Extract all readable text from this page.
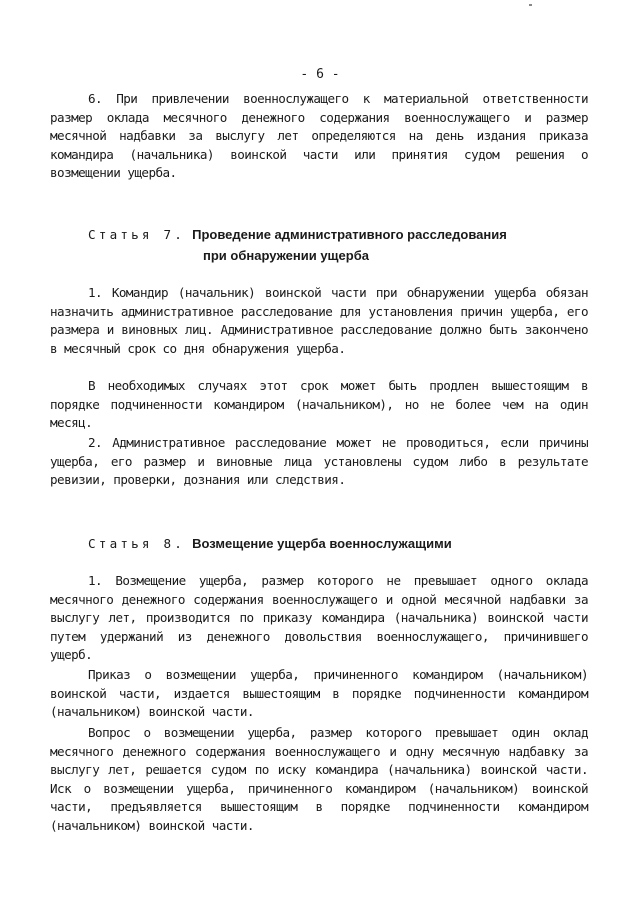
- 6 -

6. При привлечении военнослужащего к материальной ответственности размер оклада месячного денежного содержания военнослужащего и размер месячной надбавки за выслугу лет определяются на день издания приказа командира (начальника) воинской части или принятия судом решения о возмещении ущерба.

Статья 7. Проведение административного расследования
при обнаружении ущерба

1. Командир (начальник) воинской части при обнаружении ущерба обязан назначить административное расследование для установления причин ущерба, его размера и виновных лиц. Административное расследование должно быть закончено в месячный срок со дня обнаружения ущерба.

В необходимых случаях этот срок может быть продлен вышестоящим в порядке подчиненности командиром (начальником), но не более чем на один месяц.

2. Административное расследование может не проводиться, если причины ущерба, его размер и виновные лица установлены судом либо в результате ревизии, проверки, дознания или следствия.

Статья 8. Возмещение ущерба военнослужащими

1. Возмещение ущерба, размер которого не превышает одного оклада месячного денежного содержания военнослужащего и одной месячной надбавки за выслугу лет, производится по приказу командира (начальника) воинской части путем удержаний из денежного довольствия военнослужащего, причинившего ущерб.

Приказ о возмещении ущерба, причиненного командиром (начальником) воинской части, издается вышестоящим в порядке подчиненности командиром (начальником) воинской части.

Вопрос о возмещении ущерба, размер которого превышает один оклад месячного денежного содержания военнослужащего и одну месячную надбавку за выслугу лет, решается судом по иску командира (начальника) воинской части. Иск о возмещении ущерба, причиненного командиром (начальником) воинской части, предъявляется вышестоящим в порядке подчиненности командиром (начальником) воинской части.
